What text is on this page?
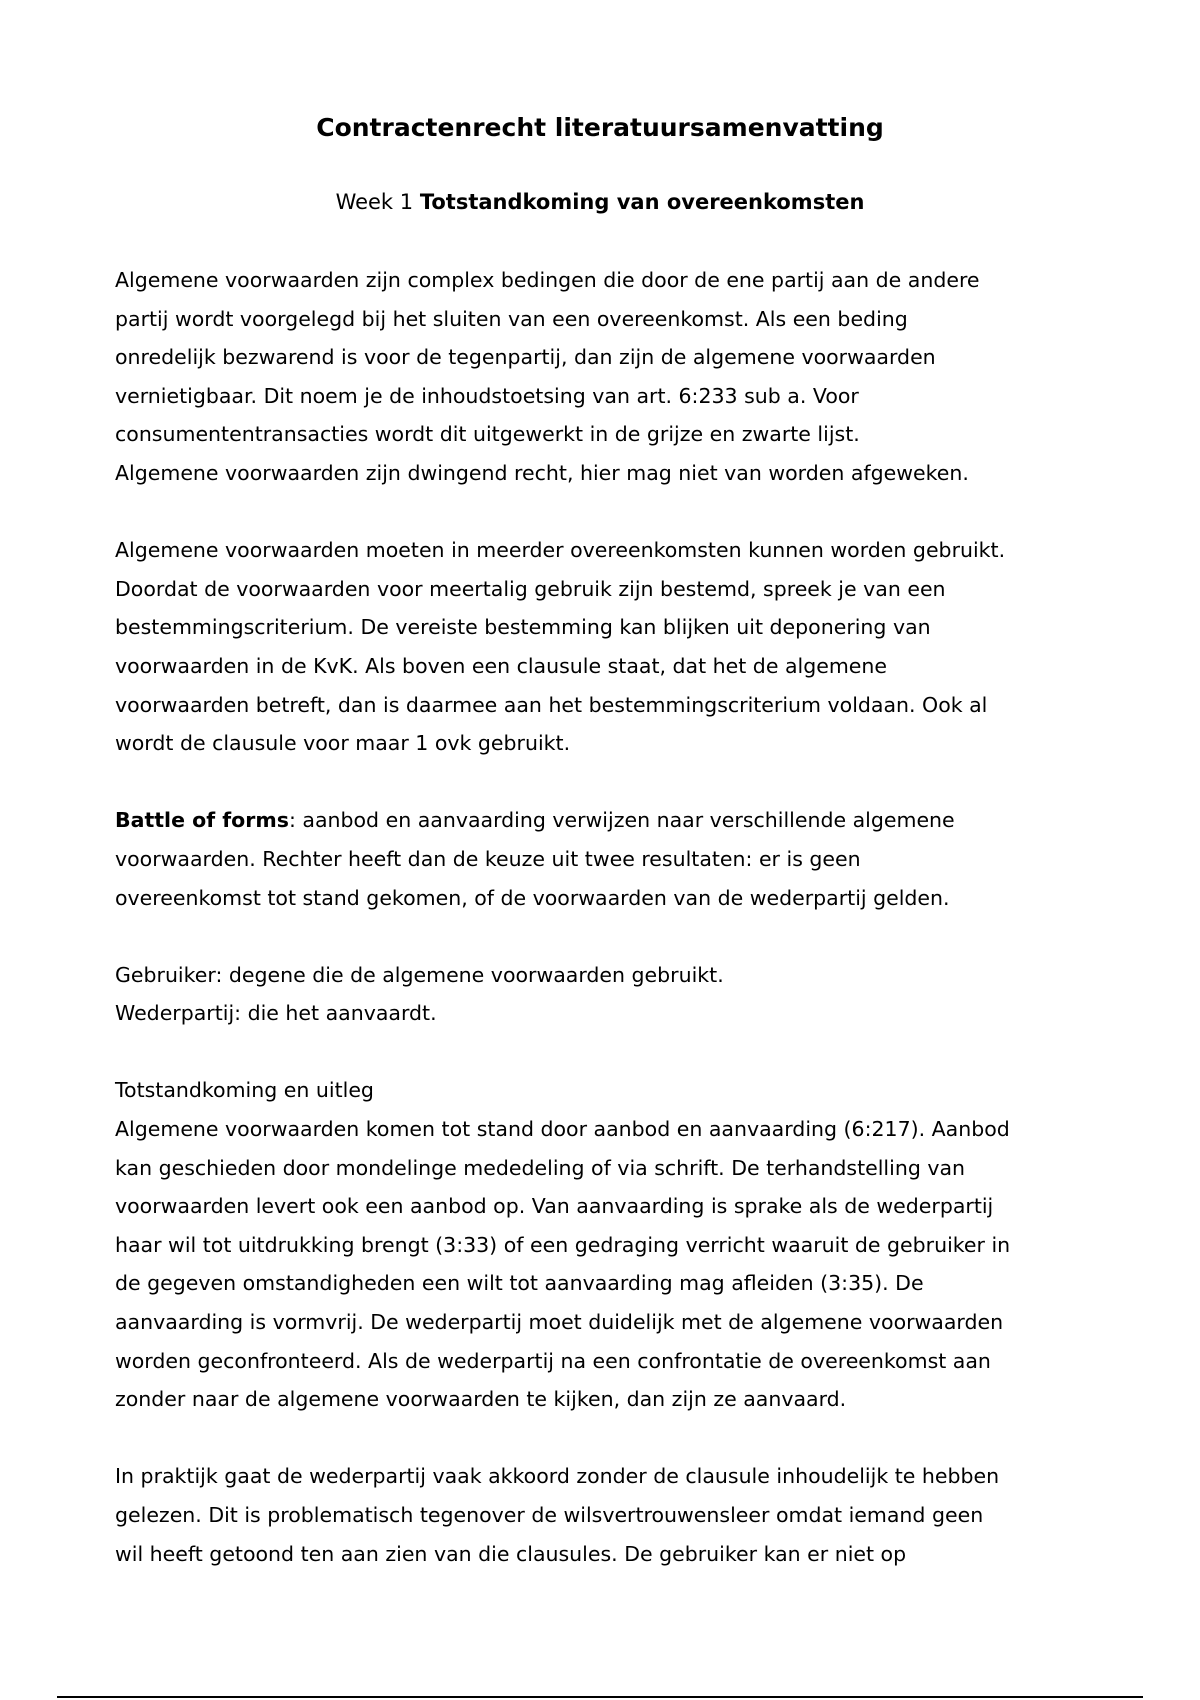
Contractenrecht literatuursamenvatting
Week 1 Totstandkoming van overeenkomsten
Algemene voorwaarden zijn complex bedingen die door de ene partij aan de andere
partij wordt voorgelegd bij het sluiten van een overeenkomst. Als een beding
onredelijk bezwarend is voor de tegenpartij, dan zijn de algemene voorwaarden
vernietigbaar. Dit noem je de inhoudstoetsing van art. 6:233 sub a. Voor
consumententransacties wordt dit uitgewerkt in de grijze en zwarte lijst.
Algemene voorwaarden zijn dwingend recht, hier mag niet van worden afgeweken.
Algemene voorwaarden moeten in meerder overeenkomsten kunnen worden gebruikt.
Doordat de voorwaarden voor meertalig gebruik zijn bestemd, spreek je van een
bestemmingscriterium. De vereiste bestemming kan blijken uit deponering van
voorwaarden in de KvK. Als boven een clausule staat, dat het de algemene
voorwaarden betreft, dan is daarmee aan het bestemmingscriterium voldaan. Ook al
wordt de clausule voor maar 1 ovk gebruikt.
Battle of forms: aanbod en aanvaarding verwijzen naar verschillende algemene
voorwaarden. Rechter heeft dan de keuze uit twee resultaten: er is geen
overeenkomst tot stand gekomen, of de voorwaarden van de wederpartij gelden.
Gebruiker: degene die de algemene voorwaarden gebruikt.
Wederpartij: die het aanvaardt.
Totstandkoming en uitleg
Algemene voorwaarden komen tot stand door aanbod en aanvaarding (6:217). Aanbod
kan geschieden door mondelinge mededeling of via schrift. De terhandstelling van
voorwaarden levert ook een aanbod op. Van aanvaarding is sprake als de wederpartij
haar wil tot uitdrukking brengt (3:33) of een gedraging verricht waaruit de gebruiker in
de gegeven omstandigheden een wilt tot aanvaarding mag afleiden (3:35). De
aanvaarding is vormvrij. De wederpartij moet duidelijk met de algemene voorwaarden
worden geconfronteerd. Als de wederpartij na een confrontatie de overeenkomst aan
zonder naar de algemene voorwaarden te kijken, dan zijn ze aanvaard.
In praktijk gaat de wederpartij vaak akkoord zonder de clausule inhoudelijk te hebben
gelezen. Dit is problematisch tegenover de wilsvertrouwensleer omdat iemand geen
wil heeft getoond ten aan zien van die clausules. De gebruiker kan er niet op
